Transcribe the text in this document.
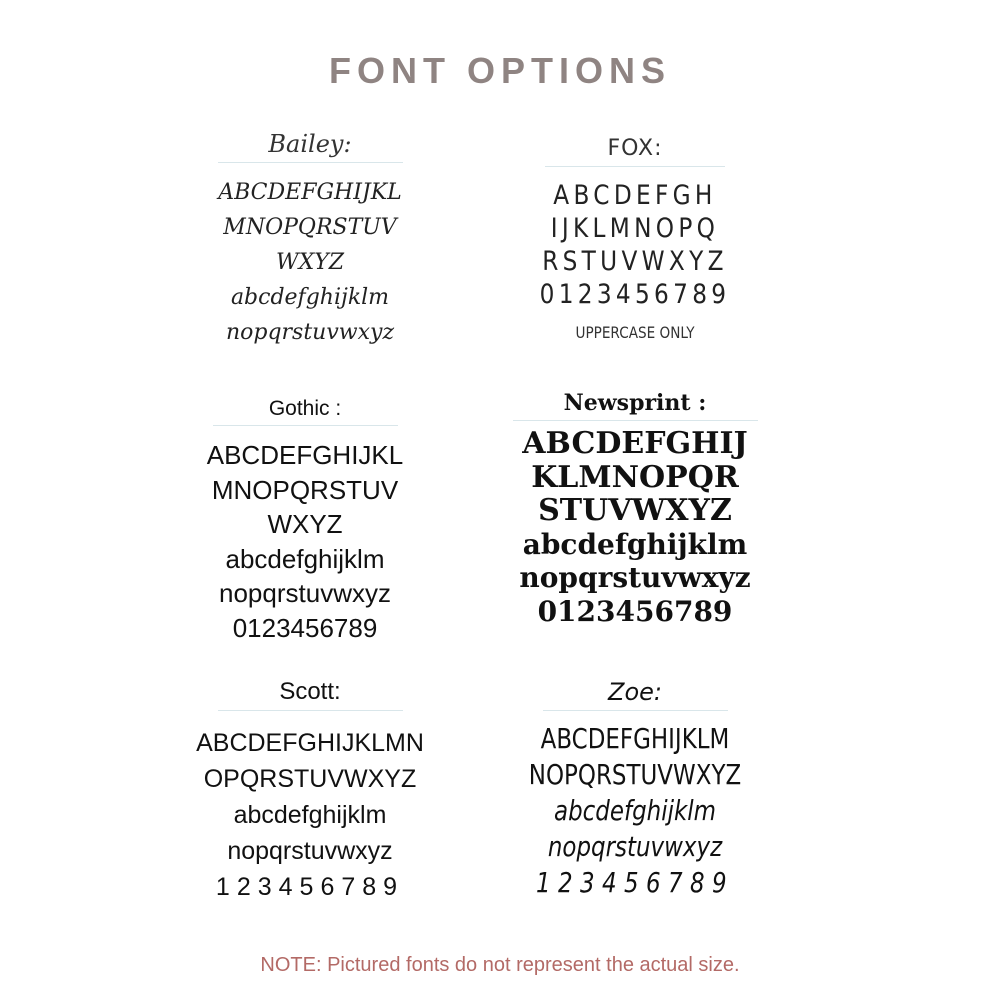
FONT OPTIONS
Bailey:
ABCDEFGHIJKL
MNOPQRSTUV
WXYZ
abcdefghijklm
nopqrstuvwxyz
FOX:
ABCDEFGH
IJKLMNOPQ
RSTUVWXYZ
0123456789
UPPERCASE ONLY
Gothic :
ABCDEFGHIJKL
MNOPQRSTUV
WXYZ
abcdefghijklm
nopqrstuvwxyz
0123456789
Newsprint :
ABCDEFGHIJ
KLMNOPQR
STUVWXYZ
abcdefghijklm
nopqrstuvwxyz
0123456789
Scott:
ABCDEFGHIJKLMN
OPQRSTUVWXYZ
abcdefghijklm
nopqrstuvwxyz
123456789
Zoe:
ABCDEFGHIJKLM
NOPQRSTUVWXYZ
abcdefghijklm
nopqrstuvwxyz
123456789
NOTE: Pictured fonts do not represent the actual size.
